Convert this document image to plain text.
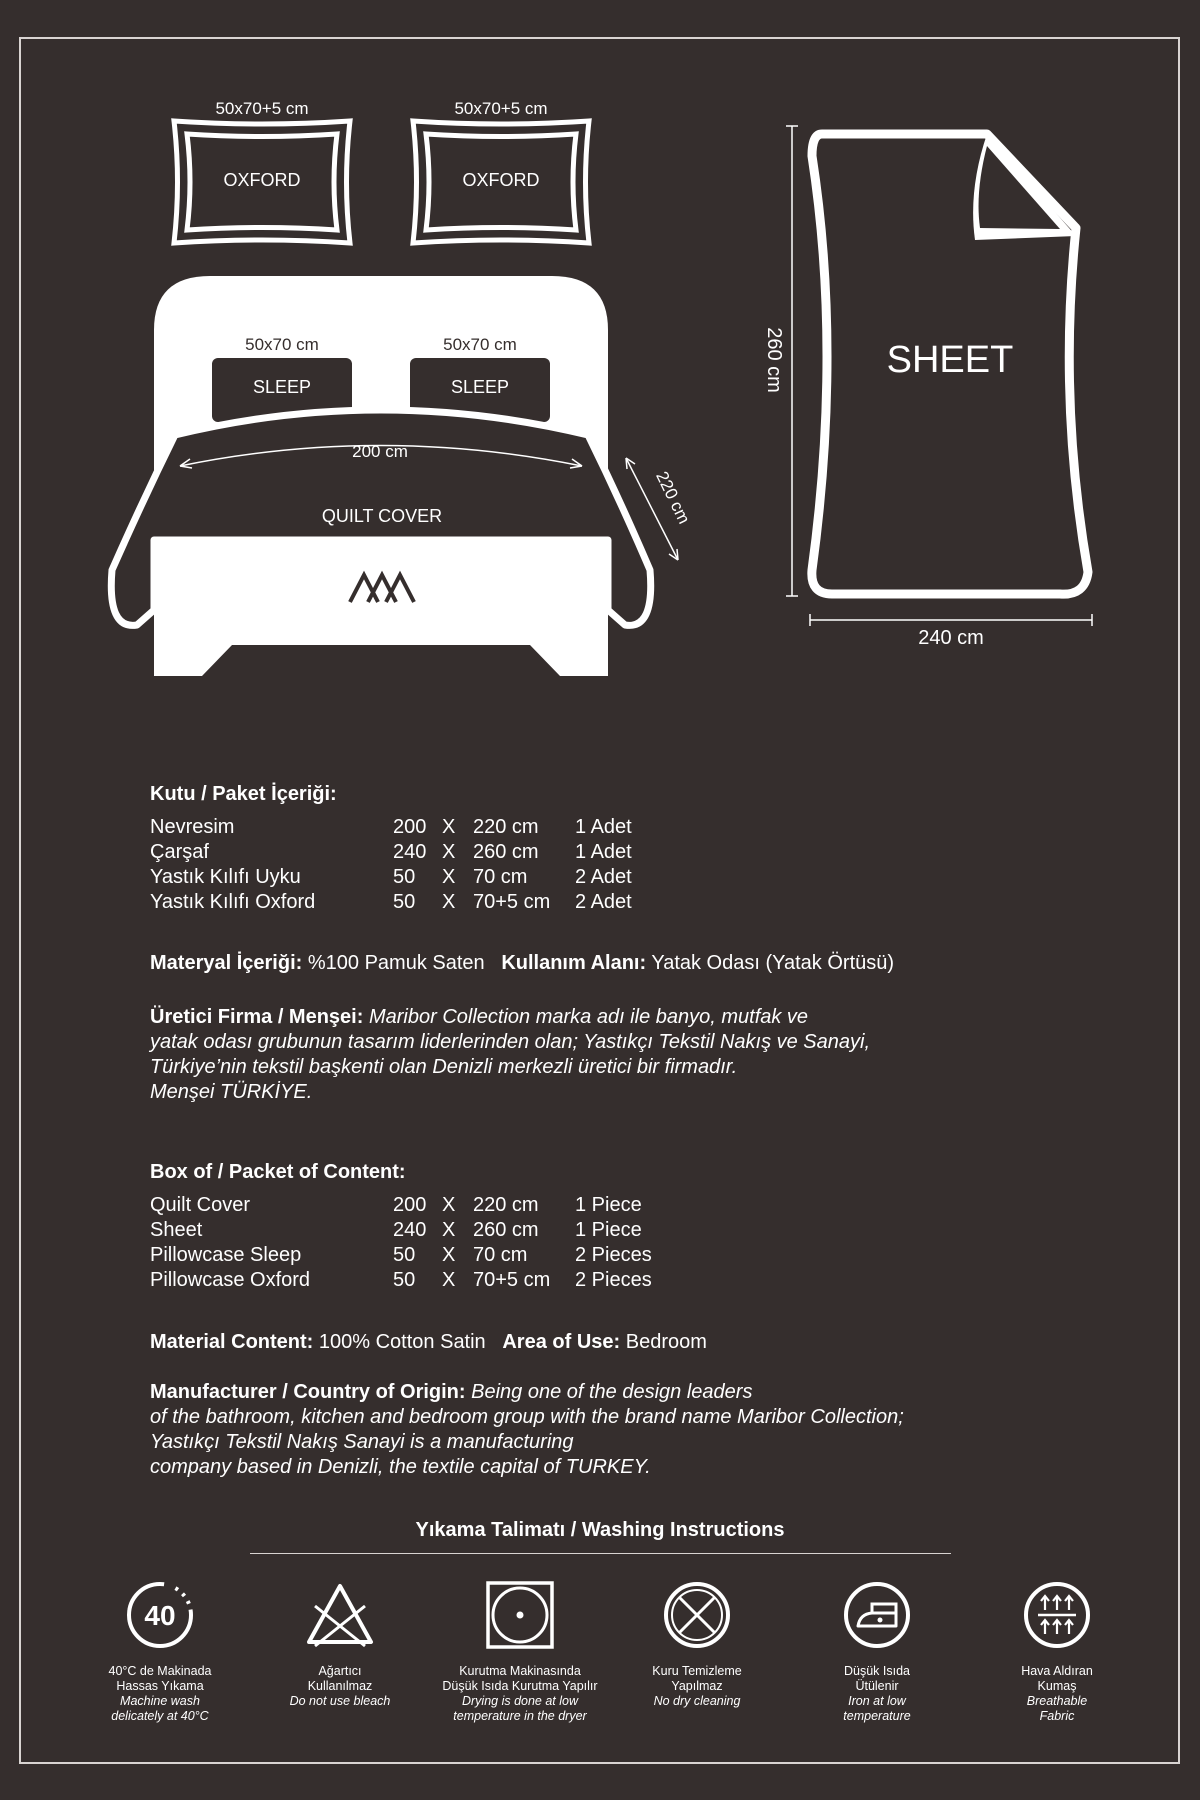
50x70+5 cm
OXFORD
50x70+5 cm
OXFORD
50x70 cm	50x70 cm
SLEEP	SLEEP
200 cm
QUILT COVER	220 cm
SHEET
260 cm
240 cm
Kutu / Paket İçeriği:
Nevresim	200 X 220 cm 1 Adet
Çarşaf	240 X 260 cm 1 Adet
Yastık Kılıfı Uyku	50 X 70 cm 2 Adet
Yastık Kılıfı Oxford	50 X 70+5 cm 2 Adet
Materyal İçeriği: %100 Pamuk Saten Kullanım Alanı: Yatak Odası (Yatak Örtüsü)
Üretici Firma / Menşei: Maribor Collection marka adı ile banyo, mutfak ve
yatak odası grubunun tasarım liderlerinden olan; Yastıkçı Tekstil Nakış ve Sanayi,
Türkiye’nin tekstil başkenti olan Denizli merkezli üretici bir firmadır.
Menşei TÜRKİYE.
Box of / Packet of Content:
Quilt Cover	200 X 220 cm 1 Piece
Sheet	240 X 260 cm 1 Piece
Pillowcase Sleep	50 X 70 cm 2 Pieces
Pillowcase Oxford	50 X 70+5 cm 2 Pieces
Material Content: 100% Cotton Satin Area of Use: Bedroom
Manufacturer / Country of Origin: Being one of the design leaders
of the bathroom, kitchen and bedroom group with the brand name Maribor Collection;
Yastıkçı Tekstil Nakış Sanayi is a manufacturing
company based in Denizli, the textile capital of TURKEY.
Yıkama Talimatı / Washing Instructions
40
40°C de Makinada
Hassas Yıkama
Machine wash
delicately at 40°C
Ağartıcı
Kullanılmaz
Do not use bleach
Kurutma Makinasında
Düşük Isıda Kurutma Yapılır
Drying is done at low
temperature in the dryer
Kuru Temizleme
Yapılmaz
No dry cleaning
Düşük Isıda
Ütülenir
Iron at low
temperature
Hava Aldıran
Kumaş
Breathable
Fabric
